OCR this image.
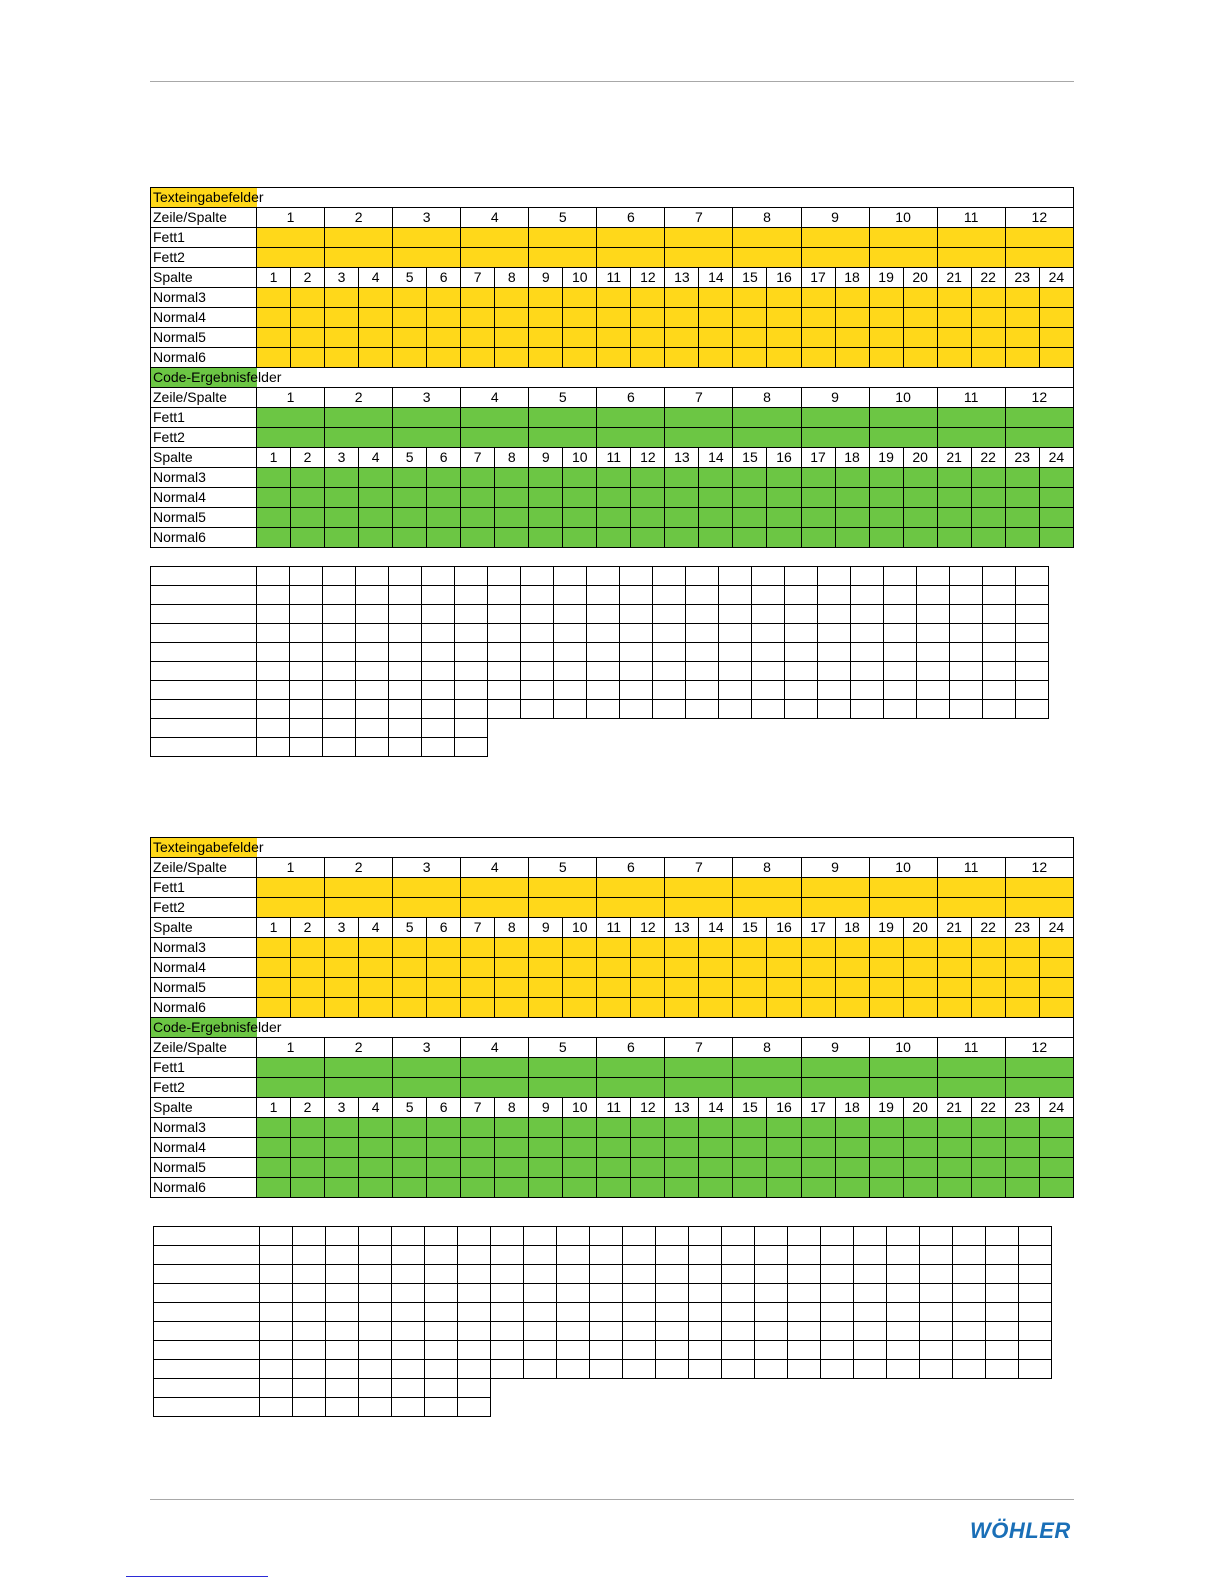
Texteingabefelder																								
Zeile/Spalte	1		2		3		4		5		6		7		8		9		10		11		12	
Fett1																								
Fett2																								
Spalte	1	2	3	4	5	6	7	8	9	10	11	12	13	14	15	16	17	18	19	20	21	22	23	24
Normal3																								
Normal4																								
Normal5																								
Normal6																								
Code-Ergebnisfelder																								
Zeile/Spalte	1		2		3		4		5		6		7		8		9		10		11		12	
Fett1																								
Fett2																								
Spalte	1	2	3	4	5	6	7	8	9	10	11	12	13	14	15	16	17	18	19	20	21	22	23	24
Normal3																								
Normal4																								
Normal5																								
Normal6																								

Texteingabefelder																								
Zeile/Spalte	1		2		3		4		5		6		7		8		9		10		11		12	
Fett1																								
Fett2																								
Spalte	1	2	3	4	5	6	7	8	9	10	11	12	13	14	15	16	17	18	19	20	21	22	23	24
Normal3																								
Normal4																								
Normal5																								
Normal6																								
Code-Ergebnisfelder																								
Zeile/Spalte	1		2		3		4		5		6		7		8		9		10		11		12	
Fett1																								
Fett2																								
Spalte	1	2	3	4	5	6	7	8	9	10	11	12	13	14	15	16	17	18	19	20	21	22	23	24
Normal3																								
Normal4																								
Normal5																								
Normal6																								

WÖHLER
